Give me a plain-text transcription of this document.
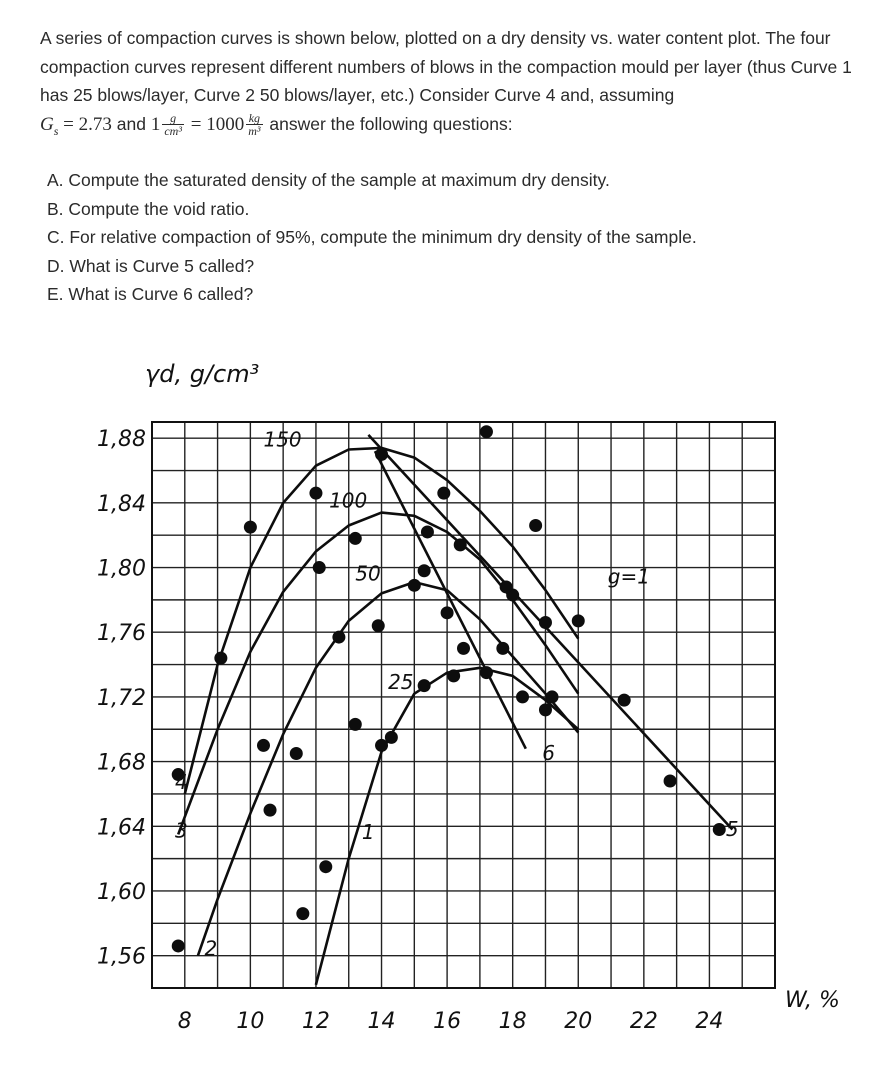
A series of compaction curves is shown below, plotted on a dry density vs. water content plot. The four compaction curves represent different numbers of blows in the compaction mould per layer (thus Curve 1 has 25 blows/layer, Curve 2 50 blows/layer, etc.) Consider Curve 4 and, assuming
$G_s = 2.73$ and $1 \frac{g}{\text{cm³}} = 1000 \frac{kg}{\text{m³}}$ answer the following questions:

A. Compute the saturated density of the sample at maximum dry density.
B. Compute the void ratio.
C. For relative compaction of 95%, compute the minimum dry density of the sample.
D. What is Curve 5 called?
E. What is Curve 6 called?
8 10 12 14 16 18 20 22 24
1,88
1,84
1,80
1,76
1,72
1,68
1,64
1,60
1,56
150
100
50
25
1
2
3
4
5
6
g=1
γd, g/cm³
W, %
